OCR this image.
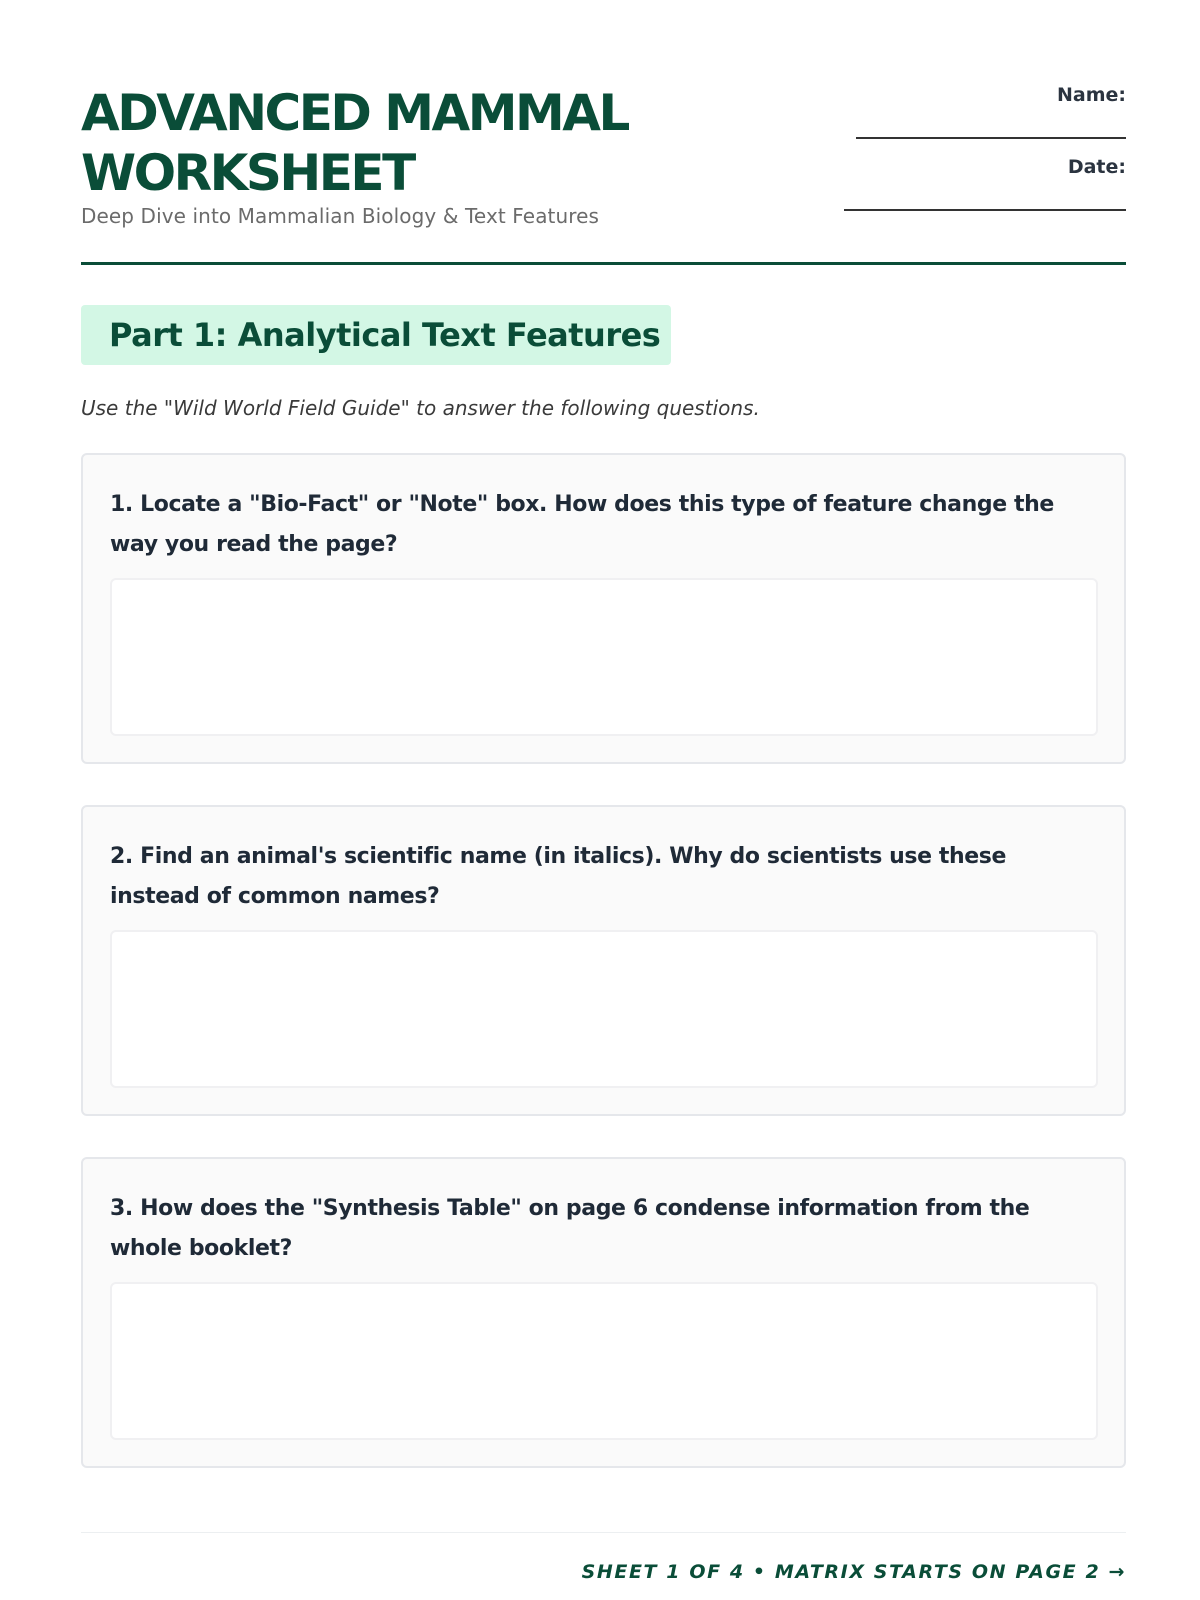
ADVANCED MAMMAL WORKSHEET
Deep Dive into Mammalian Biology & Text Features
Name:
Date:
Part 1: Analytical Text Features

Use the "Wild World Field Guide" to answer the following questions.

1. Locate a "Bio-Fact" or "Note" box. How does this type of feature change the way you read the page?

2. Find an animal's scientific name (in italics). Why do scientists use these instead of common names?

3. How does the "Synthesis Table" on page 6 condense information from the whole booklet?

SHEET 1 OF 4 • MATRIX STARTS ON PAGE 2 →
